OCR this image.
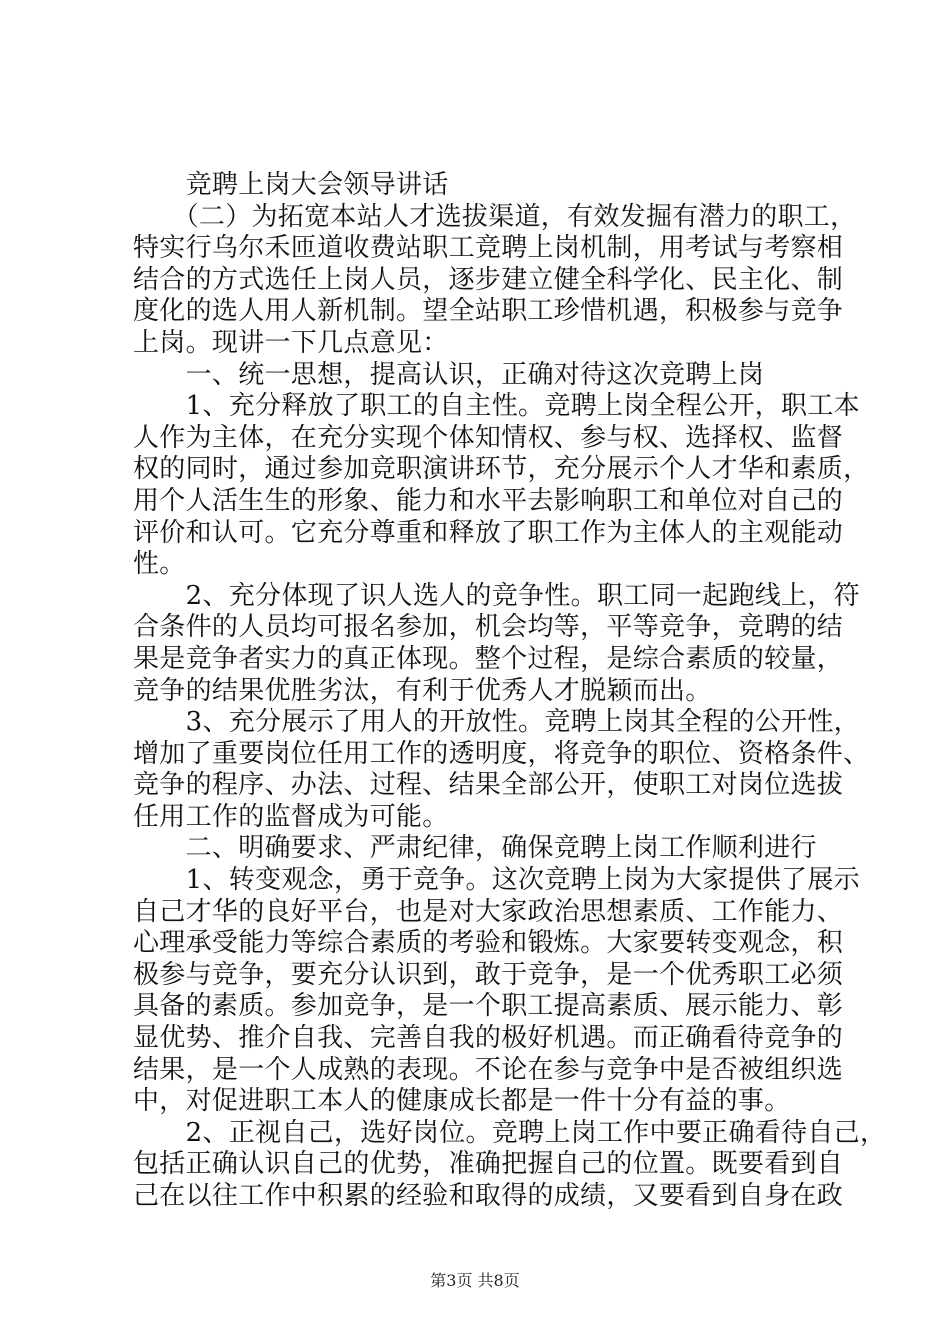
　　竞聘上岗大会领导讲话
　　（二）为拓宽本站人才选拔渠道，有效发掘有潜力的职工，
特实行乌尔禾匝道收费站职工竞聘上岗机制，用考试与考察相
结合的方式选任上岗人员，逐步建立健全科学化、民主化、制
度化的选人用人新机制。望全站职工珍惜机遇，积极参与竞争
上岗。现讲一下几点意见：
　　一、统一思想，提高认识，正确对待这次竞聘上岗
　　1、充分释放了职工的自主性。竞聘上岗全程公开，职工本
人作为主体，在充分实现个体知情权、参与权、选择权、监督
权的同时，通过参加竞职演讲环节，充分展示个人才华和素质，
用个人活生生的形象、能力和水平去影响职工和单位对自己的
评价和认可。它充分尊重和释放了职工作为主体人的主观能动
性。
　　2、充分体现了识人选人的竞争性。职工同一起跑线上，符
合条件的人员均可报名参加，机会均等，平等竞争，竞聘的结
果是竞争者实力的真正体现。整个过程，是综合素质的较量，
竞争的结果优胜劣汰，有利于优秀人才脱颖而出。
　　3、充分展示了用人的开放性。竞聘上岗其全程的公开性，
增加了重要岗位任用工作的透明度，将竞争的职位、资格条件、
竞争的程序、办法、过程、结果全部公开，使职工对岗位选拔
任用工作的监督成为可能。
　　二、明确要求、严肃纪律，确保竞聘上岗工作顺利进行
　　1、转变观念，勇于竞争。这次竞聘上岗为大家提供了展示
自己才华的良好平台，也是对大家政治思想素质、工作能力、
心理承受能力等综合素质的考验和锻炼。大家要转变观念，积
极参与竞争，要充分认识到，敢于竞争，是一个优秀职工必须
具备的素质。参加竞争，是一个职工提高素质、展示能力、彰
显优势、推介自我、完善自我的极好机遇。而正确看待竞争的
结果，是一个人成熟的表现。不论在参与竞争中是否被组织选
中，对促进职工本人的健康成长都是一件十分有益的事。
　　2、正视自己，选好岗位。竞聘上岗工作中要正确看待自己，
包括正确认识自己的优势，准确把握自己的位置。既要看到自
己在以往工作中积累的经验和取得的成绩，又要看到自身在政
第3页 共8页
